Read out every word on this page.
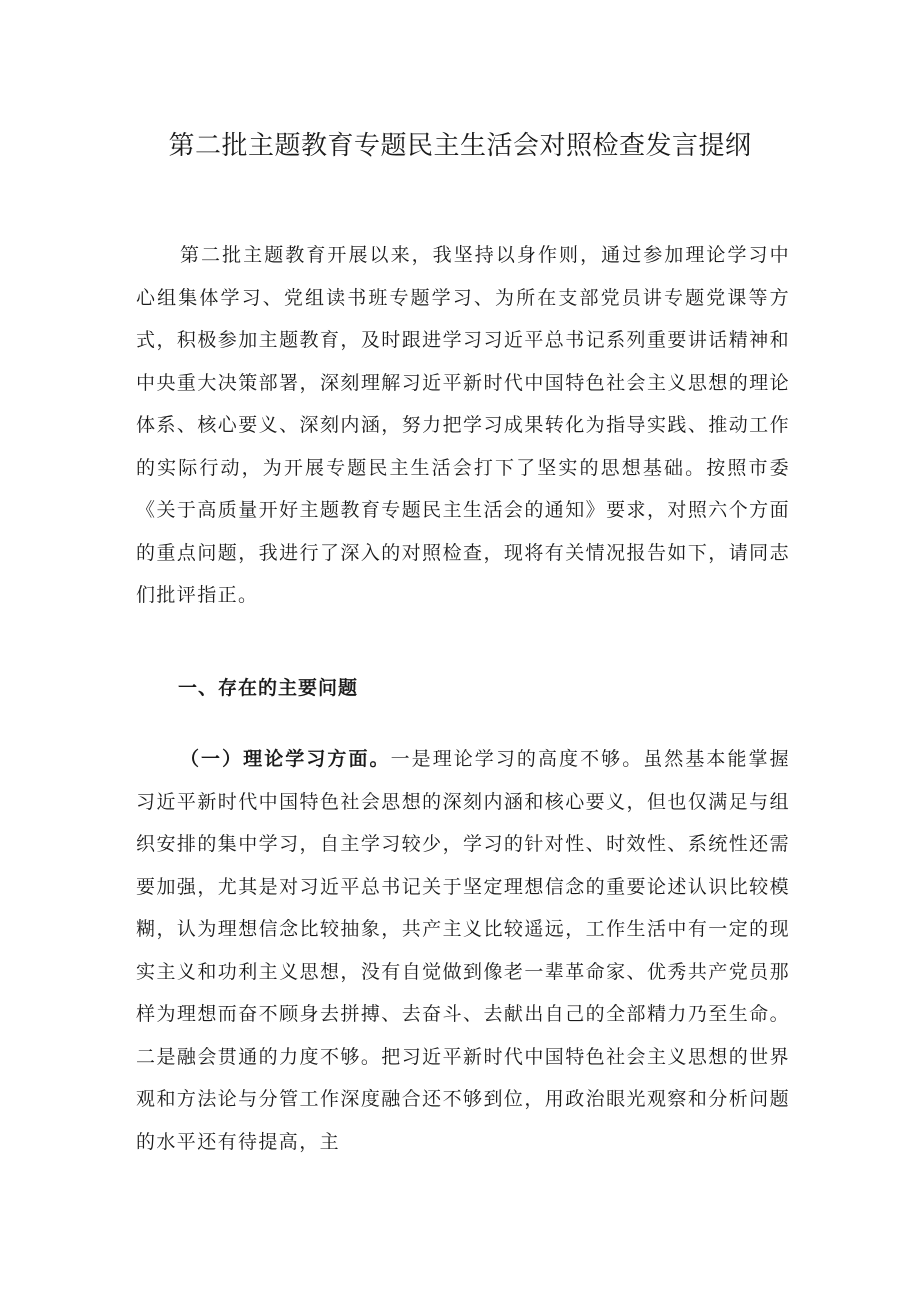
第二批主题教育专题民主生活会对照检查发言提纲

第二批主题教育开展以来，我坚持以身作则，通过参加理论学习中心组集体学习、党组读书班专题学习、为所在支部党员讲专题党课等方式，积极参加主题教育，及时跟进学习习近平总书记系列重要讲话精神和中央重大决策部署，深刻理解习近平新时代中国特色社会主义思想的理论体系、核心要义、深刻内涵，努力把学习成果转化为指导实践、推动工作的实际行动，为开展专题民主生活会打下了坚实的思想基础。按照市委《关于高质量开好主题教育专题民主生活会的通知》要求，对照六个方面的重点问题，我进行了深入的对照检查，现将有关情况报告如下，请同志们批评指正。

一、存在的主要问题

（一）理论学习方面。一是理论学习的高度不够。虽然基本能掌握习近平新时代中国特色社会思想的深刻内涵和核心要义，但也仅满足与组织安排的集中学习，自主学习较少，学习的针对性、时效性、系统性还需要加强，尤其是对习近平总书记关于坚定理想信念的重要论述认识比较模糊，认为理想信念比较抽象，共产主义比较遥远，工作生活中有一定的现实主义和功利主义思想，没有自觉做到像老一辈革命家、优秀共产党员那样为理想而奋不顾身去拼搏、去奋斗、去献出自己的全部精力乃至生命。二是融会贯通的力度不够。把习近平新时代中国特色社会主义思想的世界观和方法论与分管工作深度融合还不够到位，用政治眼光观察和分析问题的水平还有待提高，主
